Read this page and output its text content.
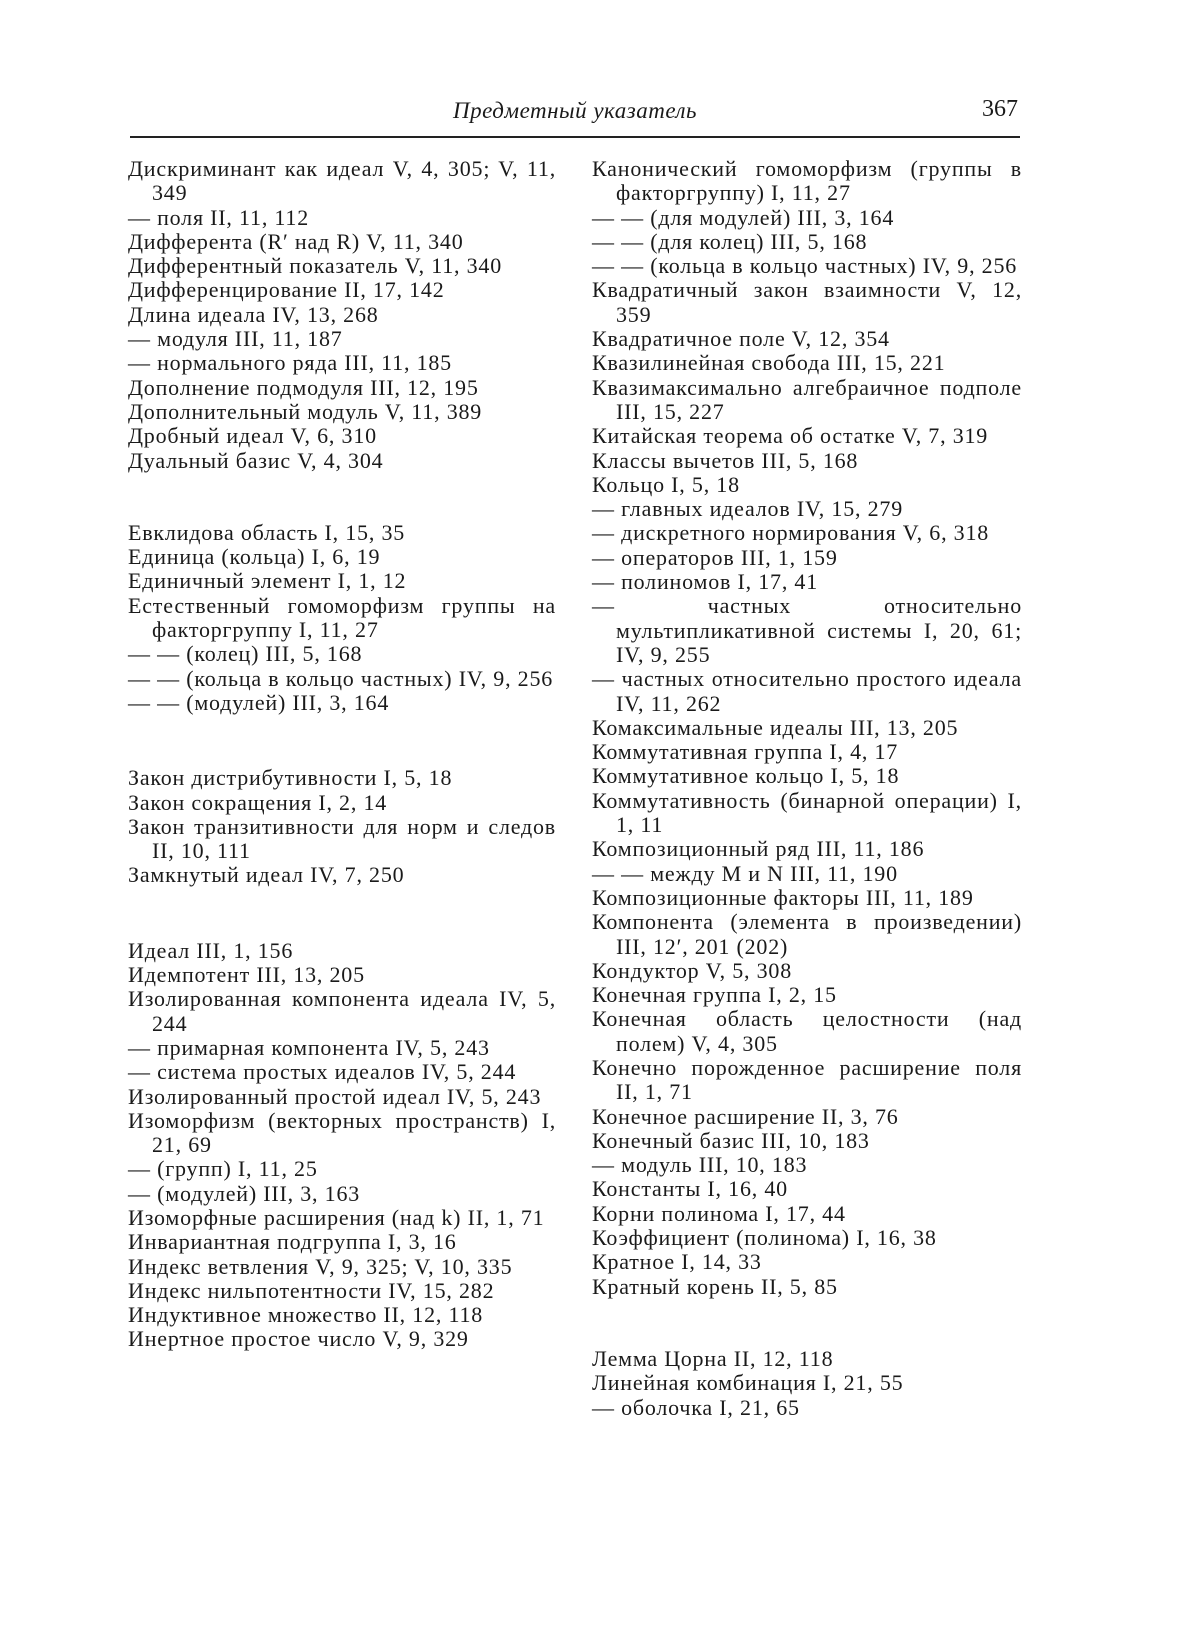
Предметный указатель	367
Дискриминант как идеал V, 4, 305; V, 11, 349
— поля II, 11, 112
Дифферента (R′ над R) V, 11, 340
Дифферентный показатель V, 11, 340
Дифференцирование II, 17, 142
Длина идеала IV, 13, 268
— модуля III, 11, 187
— нормального ряда III, 11, 185
Дополнение подмодуля III, 12, 195
Дополнительный модуль V, 11, 389
Дробный идеал V, 6, 310
Дуальный базис V, 4, 304
Евклидова область I, 15, 35
Единица (кольца) I, 6, 19
Единичный элемент I, 1, 12
Естественный гомоморфизм группы на факторгруппу I, 11, 27
— — (колец) III, 5, 168
— — (кольца в кольцо частных) IV, 9, 256
— — (модулей) III, 3, 164
Закон дистрибутивности I, 5, 18
Закон сокращения I, 2, 14
Закон транзитивности для норм и следов II, 10, 111
Замкнутый идеал IV, 7, 250
Идеал III, 1, 156
Идемпотент III, 13, 205
Изолированная компонента идеала IV, 5, 244
— примарная компонента IV, 5, 243
— система простых идеалов IV, 5, 244
Изолированный простой идеал IV, 5, 243
Изоморфизм (векторных пространств) I, 21, 69
— (групп) I, 11, 25
— (модулей) III, 3, 163
Изоморфные расширения (над k) II, 1, 71
Инвариантная подгруппа I, 3, 16
Индекс ветвления V, 9, 325; V, 10, 335
Индекс нильпотентности IV, 15, 282
Индуктивное множество II, 12, 118
Инертное простое число V, 9, 329
Канонический гомоморфизм (группы в факторгруппу) I, 11, 27
— — (для модулей) III, 3, 164
— — (для колец) III, 5, 168
— — (кольца в кольцо частных) IV, 9, 256
Квадратичный закон взаимности V, 12, 359
Квадратичное поле V, 12, 354
Квазилинейная свобода III, 15, 221
Квазимаксимально алгебраичное подполе III, 15, 227
Китайская теорема об остатке V, 7, 319
Классы вычетов III, 5, 168
Кольцо I, 5, 18
— главных идеалов IV, 15, 279
— дискретного нормирования V, 6, 318
— операторов III, 1, 159
— полиномов I, 17, 41
— частных относительно мультипликативной системы I, 20, 61; IV, 9, 255
— частных относительно простого идеала IV, 11, 262
Комаксимальные идеалы III, 13, 205
Коммутативная группа I, 4, 17
Коммутативное кольцо I, 5, 18
Коммутативность (бинарной операции) I, 1, 11
Композиционный ряд III, 11, 186
— — между M и N III, 11, 190
Композиционные факторы III, 11, 189
Компонента (элемента в произведении) III, 12′, 201 (202)
Кондуктор V, 5, 308
Конечная группа I, 2, 15
Конечная область целостности (над полем) V, 4, 305
Конечно порожденное расширение поля II, 1, 71
Конечное расширение II, 3, 76
Конечный базис III, 10, 183
— модуль III, 10, 183
Константы I, 16, 40
Корни полинома I, 17, 44
Коэффициент (полинома) I, 16, 38
Кратное I, 14, 33
Кратный корень II, 5, 85
Лемма Цорна II, 12, 118
Линейная комбинация I, 21, 55
— оболочка I, 21, 65
